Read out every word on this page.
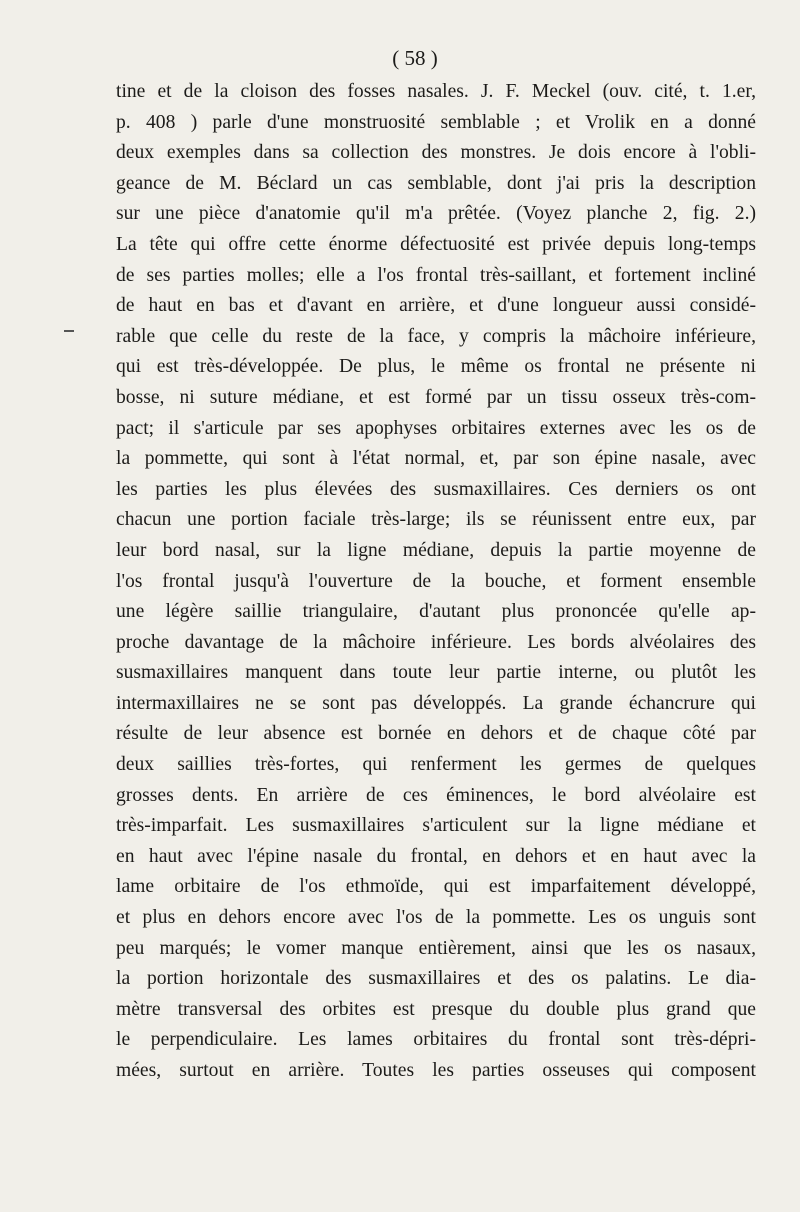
( 58 )
tine et de la cloison des fosses nasales. J. F. Meckel (ouv. cité, t. 1.er,
p. 408 ) parle d'une monstruosité semblable ; et Vrolik en a donné
deux exemples dans sa collection des monstres. Je dois encore à l'obli-
geance de M. Béclard un cas semblable, dont j'ai pris la description
sur une pièce d'anatomie qu'il m'a prêtée. (Voyez planche 2, fig. 2.)
La tête qui offre cette énorme défectuosité est privée depuis long-temps
de ses parties molles; elle a l'os frontal très-saillant, et fortement incliné
de haut en bas et d'avant en arrière, et d'une longueur aussi considé-
rable que celle du reste de la face, y compris la mâchoire inférieure,
qui est très-développée. De plus, le même os frontal ne présente ni
bosse, ni suture médiane, et est formé par un tissu osseux très-com-
pact; il s'articule par ses apophyses orbitaires externes avec les os de
la pommette, qui sont à l'état normal, et, par son épine nasale, avec
les parties les plus élevées des susmaxillaires. Ces derniers os ont
chacun une portion faciale très-large; ils se réunissent entre eux, par
leur bord nasal, sur la ligne médiane, depuis la partie moyenne de
l'os frontal jusqu'à l'ouverture de la bouche, et forment ensemble
une légère saillie triangulaire, d'autant plus prononcée qu'elle ap-
proche davantage de la mâchoire inférieure. Les bords alvéolaires des
susmaxillaires manquent dans toute leur partie interne, ou plutôt les
intermaxillaires ne se sont pas développés. La grande échancrure qui
résulte de leur absence est bornée en dehors et de chaque côté par
deux saillies très-fortes, qui renferment les germes de quelques
grosses dents. En arrière de ces éminences, le bord alvéolaire est
très-imparfait. Les susmaxillaires s'articulent sur la ligne médiane et
en haut avec l'épine nasale du frontal, en dehors et en haut avec la
lame orbitaire de l'os ethmoïde, qui est imparfaitement développé,
et plus en dehors encore avec l'os de la pommette. Les os unguis sont
peu marqués; le vomer manque entièrement, ainsi que les os nasaux,
la portion horizontale des susmaxillaires et des os palatins. Le dia-
mètre transversal des orbites est presque du double plus grand que
le perpendiculaire. Les lames orbitaires du frontal sont très-dépri-
mées, surtout en arrière. Toutes les parties osseuses qui composent
